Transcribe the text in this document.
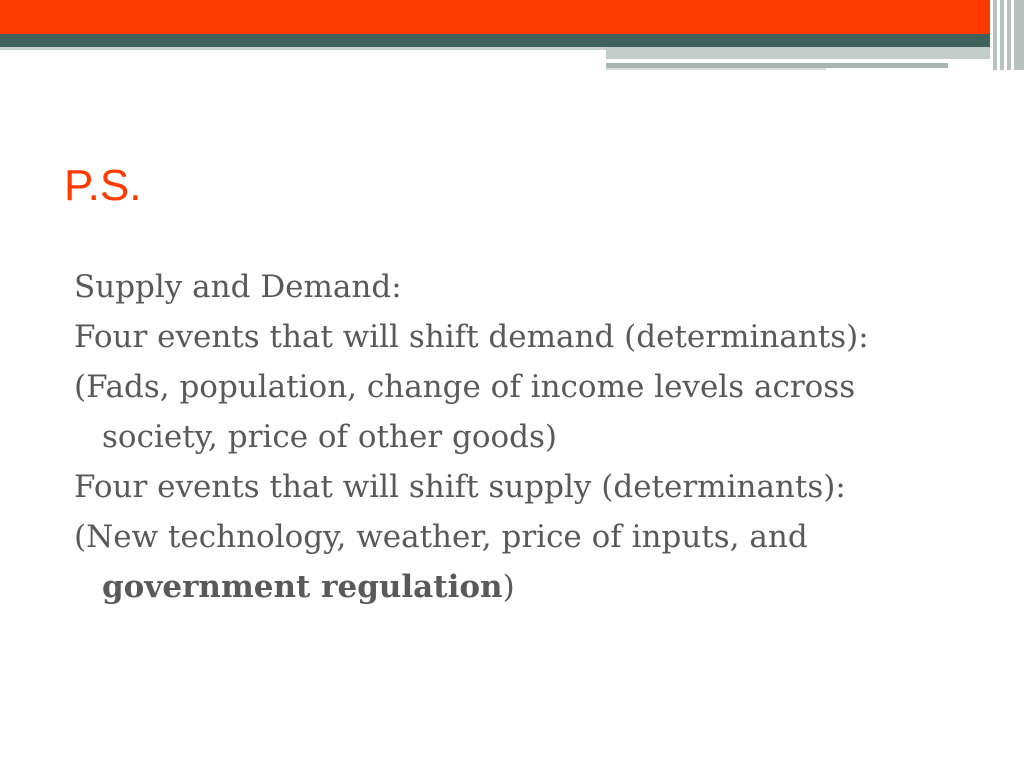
P.S.

Supply and Demand:

Four events that will shift demand (determinants):

(Fads, population, change of income levels across society, price of other goods)

Four events that will shift supply (determinants):

(New technology, weather, price of inputs, and government regulation)
